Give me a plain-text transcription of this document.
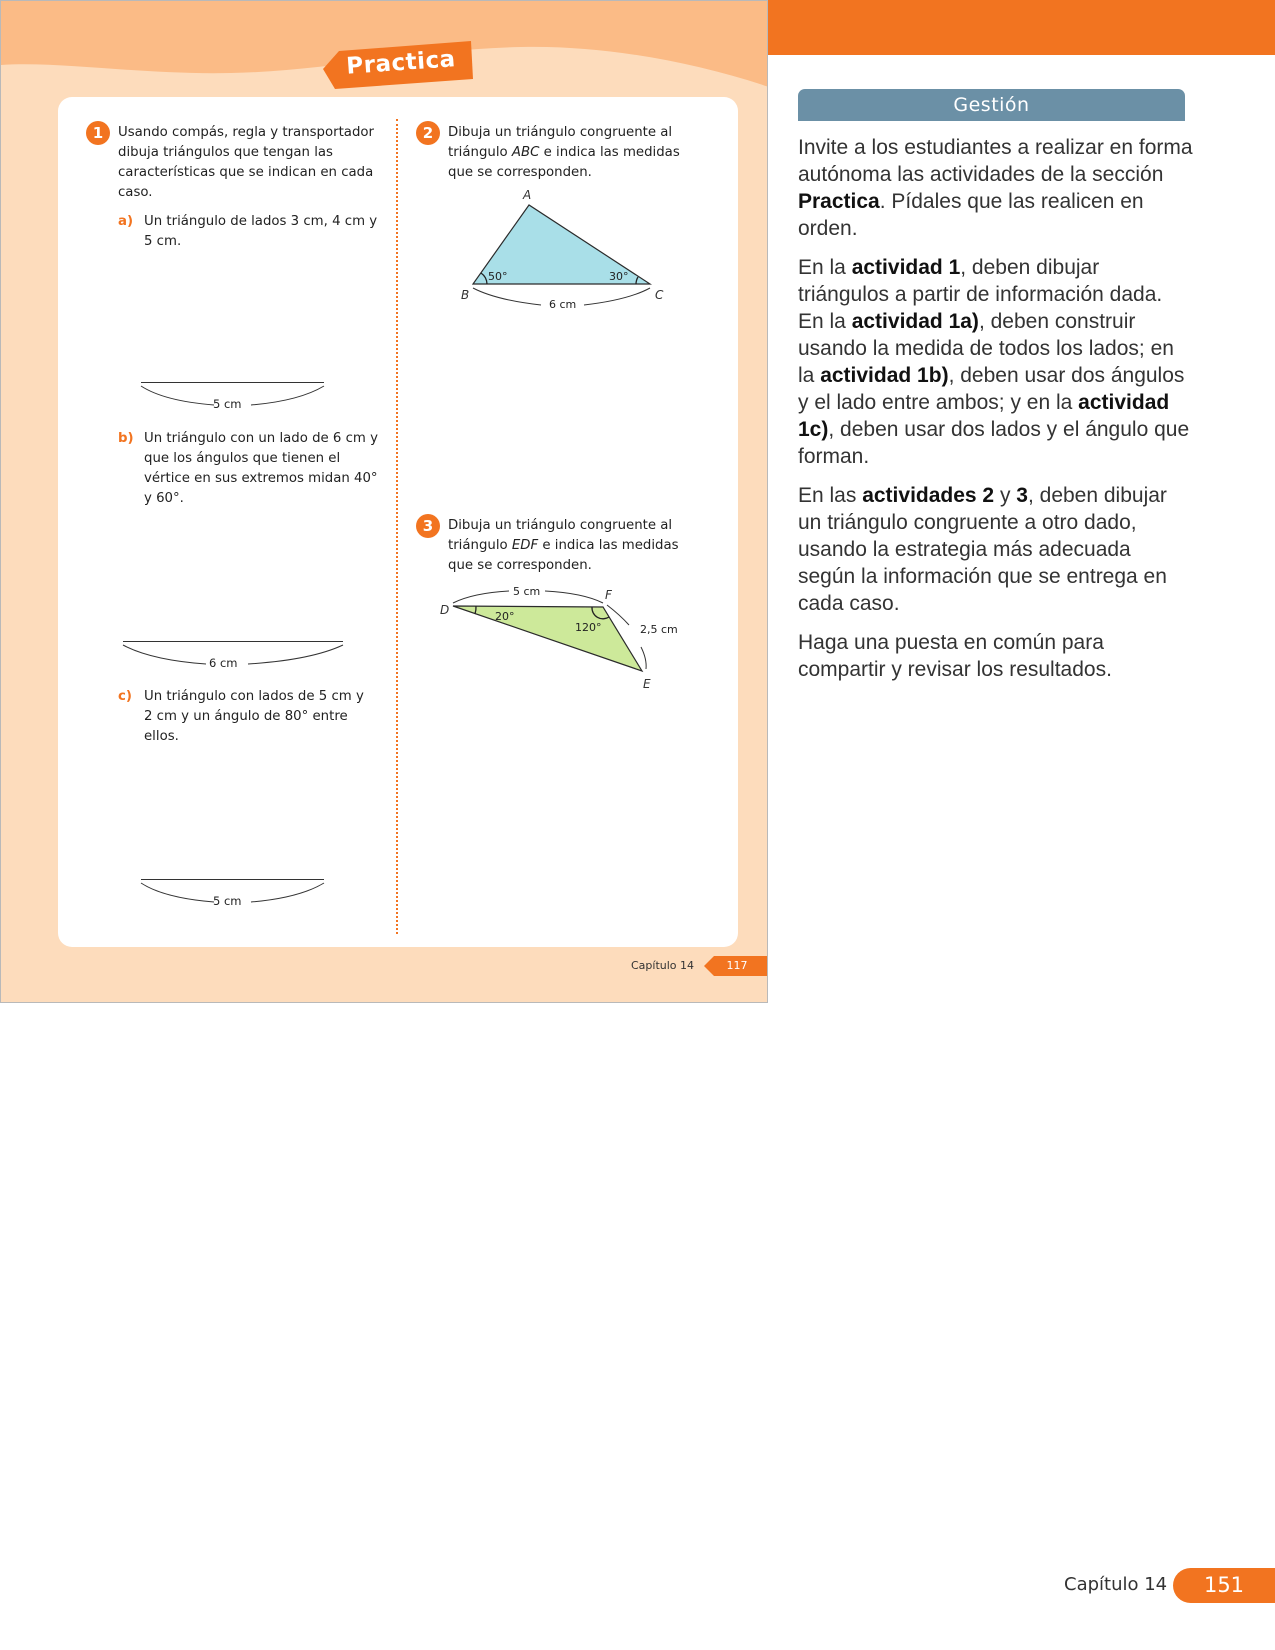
Practica
1	Usando compás, regla y transportador dibuja triángulos que tengan las características que se indican en cada caso.
a) Un triángulo de lados 3 cm, 4 cm y 5 cm.
5 cm
b) Un triángulo con un lado de 6 cm y que los ángulos que tienen el vértice en sus extremos midan 40° y 60°.
6 cm
c) Un triángulo con lados de 5 cm y 2 cm y un ángulo de 80° entre ellos.
5 cm
2	Dibuja un triángulo congruente al triángulo ABC e indica las medidas que se corresponden.
A
B	C
50°	30°
6 cm
3	Dibuja un triángulo congruente al triángulo EDF e indica las medidas que se corresponden.
D
F
E
20°
120°
5 cm
2,5 cm
Capítulo 14	117
Gestión

Invite a los estudiantes a realizar en forma autónoma las actividades de la sección Practica. Pídales que las realicen en orden.

En la actividad 1, deben dibujar triángulos a partir de información dada. En la actividad 1a), deben construir usando la medida de todos los lados; en la actividad 1b), deben usar dos ángulos y el lado entre ambos; y en la actividad 1c), deben usar dos lados y el ángulo que forman.

En las actividades 2 y 3, deben dibujar un triángulo congruente a otro dado, usando la estrategia más adecuada según la información que se entrega en cada caso.

Haga una puesta en común para compartir y revisar los resultados.

Capítulo 14	151
